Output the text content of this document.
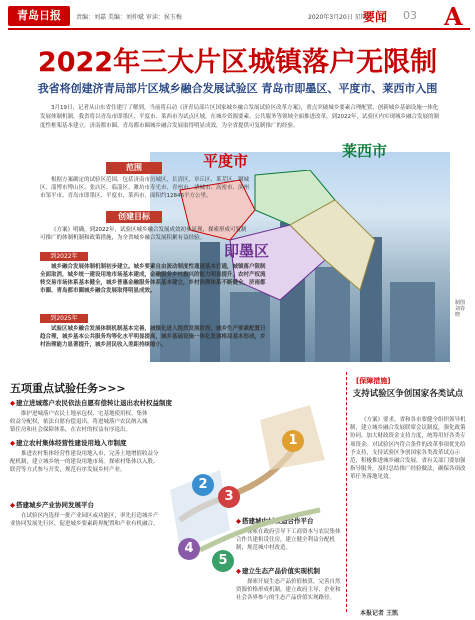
青岛日报	责编：刘嘉 美编：刘仲斌 审读：侯玉梅	2020年3月20日 星期五
要闻 03 A
2022年三大片区城镇落户无限制
我省将创建济青局部片区城乡融合发展试验区 青岛市即墨区、平度市、莱西市入围

3月19日，记者从山东省住建厅了解到，当前将启动《济青局部片区国家城乡融合发展试验区改革方案》，重点突破城乡要素合理配置、创新城乡基础设施一体化发展体制机制，我省将以青岛市即墨区、平度市、莱西市为试点区域，在城乡资源要素、公共服务等领域全面推进改革。到2022年，试验区内实现城乡融合发展的制度性框架基本建立，济南都市圈、青岛都市圈城乡融合发展取得明显成效，为全省提供可复制推广的经验。

平度市
莱西市
即墨区
制图 刘春晓
范围

根据方案确定的试验区范围，包括济南市历城区、长清区、章丘区、莱芜区、钢城区、淄博市博山区、张店区、临淄区、潍坊市寿光市、青州市、诸城市、高密市、滨州市邹平市、青岛市即墨区、平度市、莱西市，面积约12846平方公里。

创建目标

《方案》明确，到2022年，试验区城乡融合发展成效初步显现，探索形成可复制可推广的体制机制和政策措施，为全省城乡融合发展积累有益经验。

到2022年

城乡融合发展体制机制初步建立。城乡要素自由流动制度性通道基本打通，城镇落户限制全面取消，城乡统一建设用地市场基本建成，金融服务乡村振兴的能力明显提升，农村产权流转交易市场体系基本健全，城乡普惠金融服务体系基本建立，乡村治理体系不断健全，济南都市圈、青岛都市圈城乡融合发展取得明显成效。

到2025年

试验区城乡融合发展体制机制基本完善，城镇化进入提质发展阶段，城乡生产要素配置日趋合理，城乡基本公共服务均等化水平明显提高，城乡基础设施一体化发展格局基本形成，乡村治理能力显著提升，城乡居民收入差距持续缩小。

五项重点试验任务>>>
◆ 建立进城落户农民依法自愿有偿转让退出农村权益制度

维护进城落户农民土地承包权、宅基地使用权、集体收益分配权，依法自愿有偿退出。将进城落户农民纳入城镇住房和社会保障体系，在农村的权益有序退出。

◆ 建立农村集体经营性建设用地入市制度

推进农村集体经营性建设用地入市，完善土地增值收益分配机制，建立城乡统一的建设用地市场。探索村集体以入股、联营等方式参与开发，规范有序发展乡村产业。

◆ 搭建城乡产业协同发展平台

在试验区内选择一批产业园区或功能区，率先打造城乡产业协同发展先行区，促进城乡要素跨界配置和产业有机融合。

◆	搭建城中村改造合作平台

探索在政府引导下工商资本与农民集体合作共建租赁住房，建立健全利益分配机制，规范城中村改造。

◆ 建立生态产品价值实现机制

探索开展生态产品价值核算，完善自然资源价格形成机制，建立政府主导、企业和社会各界参与的生态产品价值实现路径。

1
2
3
4
5
[保障措施]
支持试验区争创国家各类试点

《方案》要求，省和各市要健全组织领导机制，建立城乡融合发展联席会议制度，强化政策协同。加大财政资金支持力度，统筹用好各类专项资金。对试验区内符合条件的改革事项优先给予支持，支持试验区争创国家各类改革试点示范，积极推进城乡融合发展。省有关部门要加强指导服务，及时总结推广经验做法，确保各项改革任务落地见效。

本报记者 王凯
